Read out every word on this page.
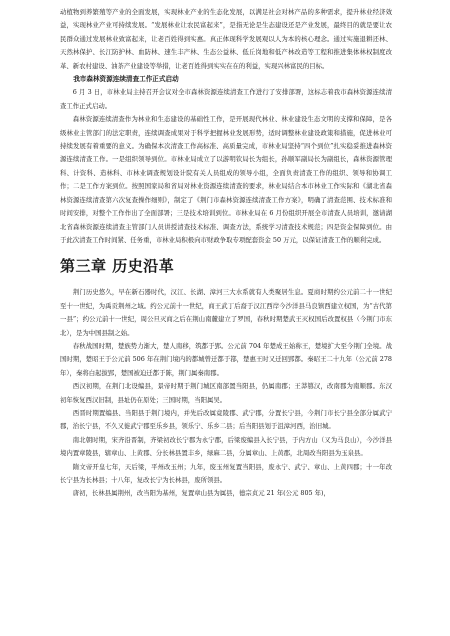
动植物到养繁殖等产业的全面发展，实现林业产业的生态化发展，以满足社会对林产品的多种需求，提升林业经济效益，实现林业产业可持续发展。“发展林业让农民富起来”，是指无论是生态建设还是产业发展，最终目的就是要让农民群众通过发展林业致富起来，让老百姓得到实惠。真正体现科学发展观以人为本的核心理念。通过实施退耕还林、天然林保护、长江防护林、血防林、速生丰产林、生态公益林、低丘岗地和低产林改造等工程和推进集体林权制度改革、新农村建设、油茶产业建设等举措，让老百姓得到实实在在的利益，实现兴林富民的目标。

我市森林资源连续清查工作正式启动

6 月 3 日，市林业局主持召开会议对全市森林资源连续清查工作进行了安排部署，这标志着我市森林资源连续清查工作正式启动。

森林资源连续清查作为林业和生态建设的基础性工作，是开展现代林业、林业建设生态文明的支撑和保障，是各级林业主管部门的法定职责，连续调查成果对于科学把握林业发展形势，适时调整林业建设政策和措施，促进林业可持续发展有着重要的意义。为确保本次清查工作高标准、高质量完成，市林业局坚持“四个到位”扎实稳妥推进森林资源连续清查工作。一是组织领导到位。市林业局成立了以游明钦局长为组长，孙顺军副局长为副组长，森林资源管理科、计资科、造林科、市林业调查规划设计院有关人员组成的领导小组，全面负责清查工作的组织、领导和协调工作；二是工作方案到位。按照国家局和省局对林业资源连续清查的要求，林业局结合本市林业工作实际和《湖北省森林资源连续清查第六次复查操作细则》，制定了《荆门市森林资源连续清查工作方案》，明确了清查范围、技术标准和时间安排，对整个工作作出了全面部署；三是技术培训到位。市林业局在 6 月份组织开展全市清查人员培训，邀请湖北省森林资源连续清查主管部门人员讲授清查技术标准、调查方法，系统学习清查技术规范；四是资金保障到位。由于此次清查工作时间紧、任务重，市林业局积极向市财政争取专项配套资金 50 万元，以保证清查工作的顺利完成。

第三章 历史沿革

荆门历史悠久，早在新石器时代，汉江、长湖、漳河三大水系就有人类聚居生息。夏商时期约公元前二十一世纪至十一世纪，为禹贡荆州之域。约公元前十一世纪，商王武丁后裔于汉江西岸今沙洋县马良镇西建立权国，为“古代第一县”；约公元前十一世纪，周公旦灭商之后在荆山南麓建立了罗国，春秋时期楚武王灭权国后改置权县（今荆门市东北），是为中国县制之始。

春秋战国时期，楚族势力渐大，楚人南移，筑都于郢。公元前 704 年楚成王始称王，楚境扩大至今荆门全境。战国时期，楚昭王于公元前 506 年在荆门境内的都城曾迁都于鄀，楚惠王时又迁回郢都。秦昭王二十九年（公元前 278 年），秦将白起拔郢，楚国被迫迁都于陈，荆门属秦南郡。

西汉初期，在荆门北设编县，景帝时期于荆门城区南部置当阳县，仍属南郡；王莽篡汉，改南郡为南顺郡。东汉初年恢复西汉旧制，县址仍在原处；三国时期，当阳属吴。

西晋时期置编县、当阳县于荆门境内，并先后改属竟陵郡、武宁郡，分置长宁县，今荆门市长宁县全部分属武宁郡，治长宁县，不久又徙武宁郡至乐乡县，领乐宁、乐乡二县；后当阳县划于沮漳河西，治旧城。

南北朝时期，宋齐沿晋制，齐梁初改长宁郡为永宁郡，后梁废编县入长宁县，于内方山（又为马良山），今沙洋县境内置章陵县，辖章山、上黄郡、分长林县置丰乡，绿麻二县，分属章山、上黄郡，北周改当阳县为玉泉县。

隋文帝开皇七年，天后梁，平州改玉州；九年，废玉州复置当阳县，废永宁、武宁、章山、上黄四郡；十一年改长宁县为长林县；十八年，复改长宁为长林县，废所领县。

唐初，长林县属荆州，改当阳为基州，复置章山县为属县，德宗贞元 21 年(公元 805 年)，
